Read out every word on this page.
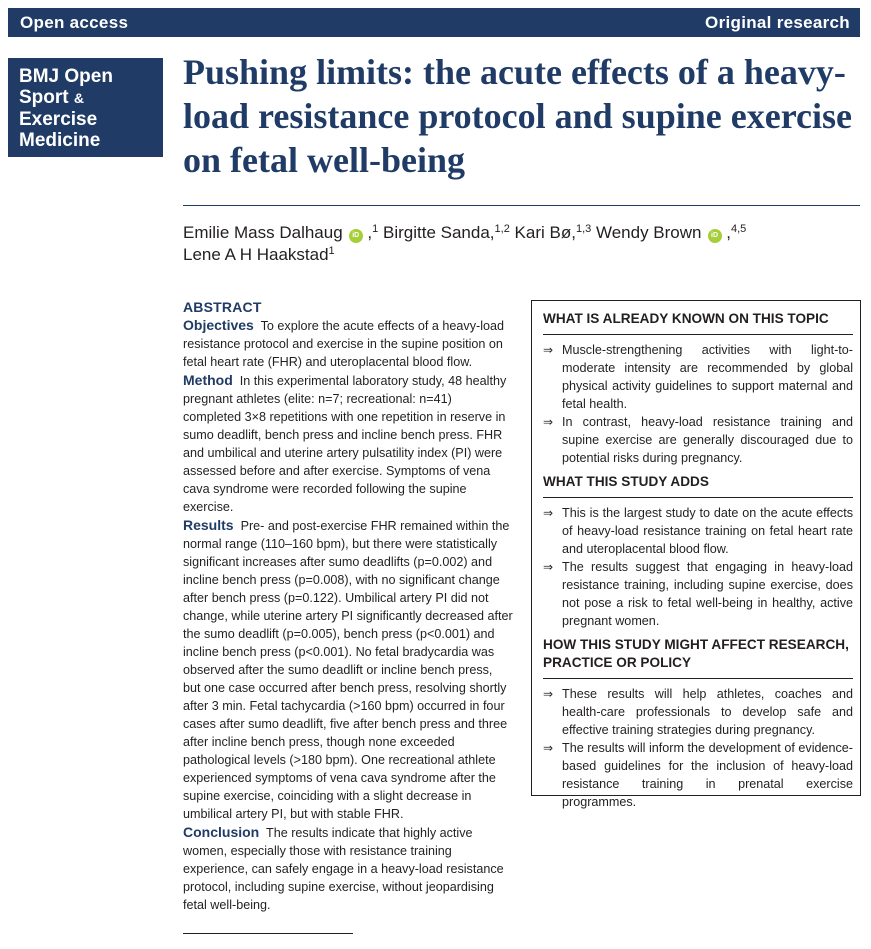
Open access	Original research
BMJ Open
Sport &
Exercise
Medicine
Pushing limits: the acute effects of a heavy-load resistance protocol and supine exercise on fetal well-being
Emilie Mass Dalhaug iD ,$^1$ Birgitte Sanda,$^{1,2}$ Kari Bø,$^{1,3}$ Wendy Brown iD ,$^{4,5}$
Lene A H Haakstad$^1$
ABSTRACT

Objectives To explore the acute effects of a heavy-load resistance protocol and exercise in the supine position on fetal heart rate (FHR) and uteroplacental blood flow.

Method In this experimental laboratory study, 48 healthy pregnant athletes (elite: n=7; recreational: n=41) completed 3×8 repetitions with one repetition in reserve in sumo deadlift, bench press and incline bench press. FHR and umbilical and uterine artery pulsatility index (PI) were assessed before and after exercise. Symptoms of vena cava syndrome were recorded following the supine exercise.

Results Pre- and post-exercise FHR remained within the normal range (110–160 bpm), but there were statistically significant increases after sumo deadlifts (p=0.002) and incline bench press (p=0.008), with no significant change after bench press (p=0.122). Umbilical artery PI did not change, while uterine artery PI significantly decreased after the sumo deadlift (p=0.005), bench press (p<0.001) and incline bench press (p<0.001). No fetal bradycardia was observed after the sumo deadlift or incline bench press, but one case occurred after bench press, resolving shortly after 3 min. Fetal tachycardia (>160 bpm) occurred in four cases after sumo deadlift, five after bench press and three after incline bench press, though none exceeded pathological levels (>180 bpm). One recreational athlete experienced symptoms of vena cava syndrome after the supine exercise, coinciding with a slight decrease in umbilical artery PI, but with stable FHR.

Conclusion The results indicate that highly active women, especially those with resistance training experience, can safely engage in a heavy-load resistance protocol, including supine exercise, without jeopardising fetal well-being.

WHAT IS ALREADY KNOWN ON THIS TOPIC

⇒ Muscle-strengthening activities with light-to-moderate intensity are recommended by global physical activity guidelines to support maternal and fetal health.
⇒ In contrast, heavy-load resistance training and supine exercise are generally discouraged due to potential risks during pregnancy.

WHAT THIS STUDY ADDS

⇒ This is the largest study to date on the acute effects of heavy-load resistance training on fetal heart rate and uteroplacental blood flow.
⇒ The results suggest that engaging in heavy-load resistance training, including supine exercise, does not pose a risk to fetal well-being in healthy, active pregnant women.

HOW THIS STUDY MIGHT AFFECT RESEARCH, PRACTICE OR POLICY

⇒ These results will help athletes, coaches and health-care professionals to develop safe and effective training strategies during pregnancy.
⇒ The results will inform the development of evidence-based guidelines for the inclusion of heavy-load resistance training in prenatal exercise programmes.
